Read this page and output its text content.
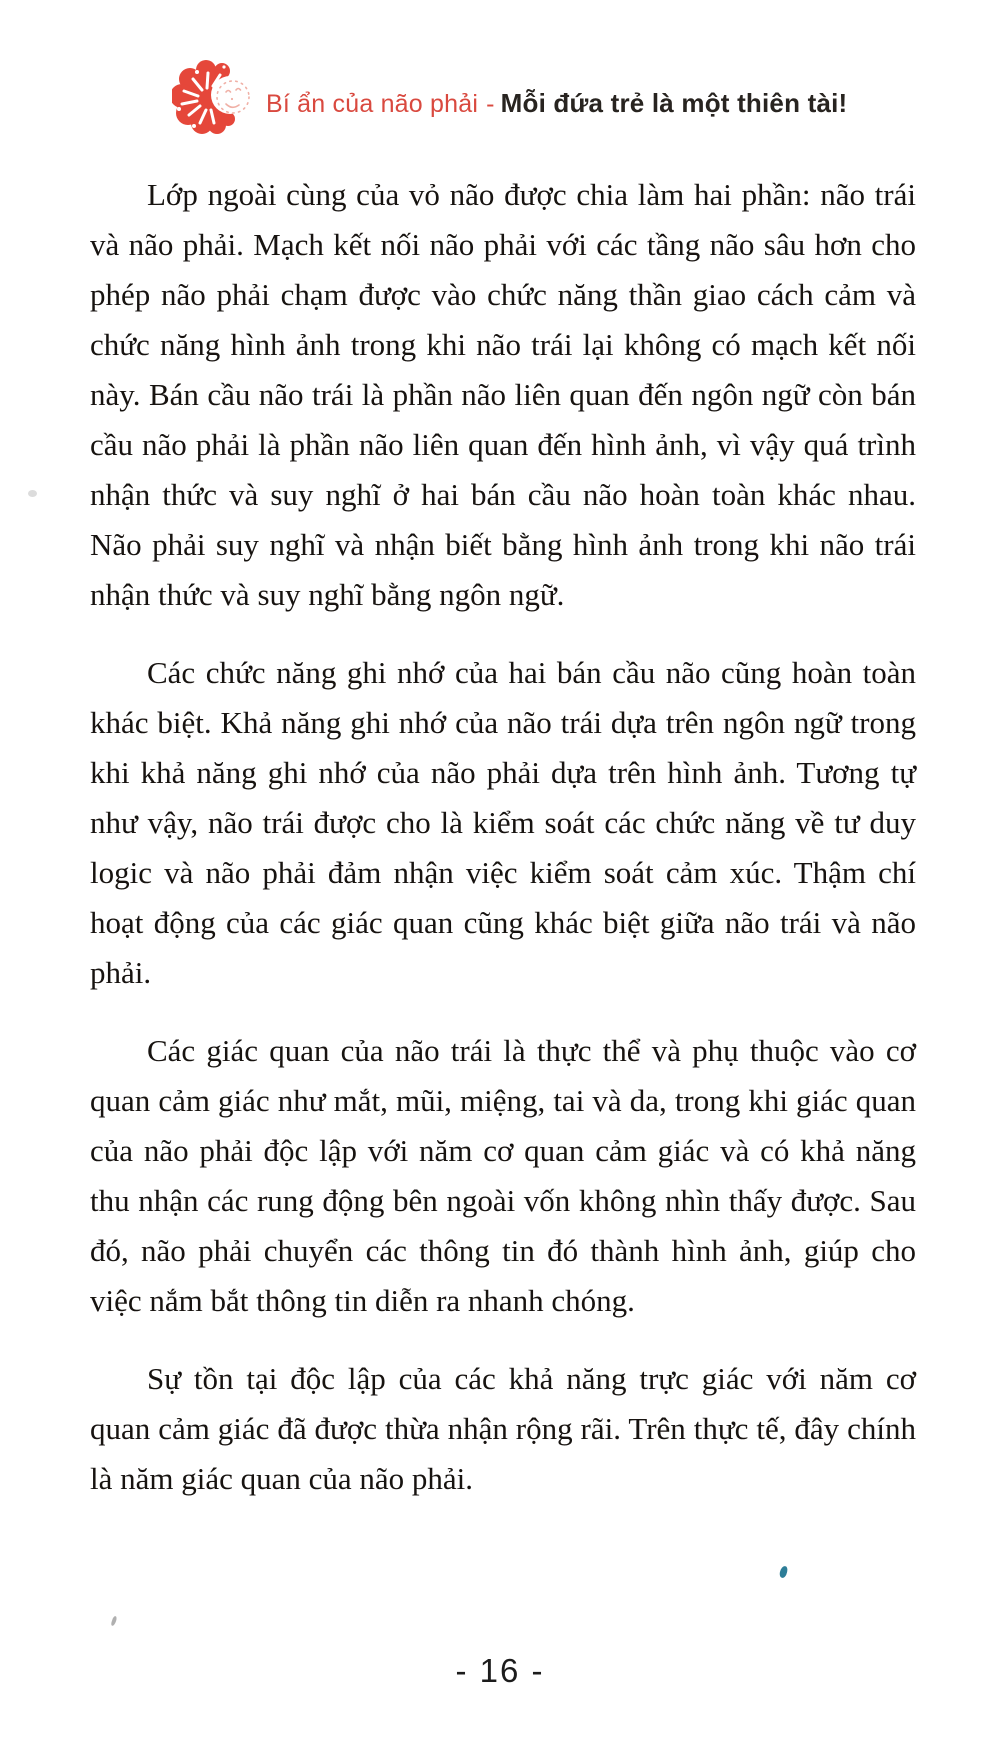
Bí ẩn của não phải - Mỗi đứa trẻ là một thiên tài!

Lớp ngoài cùng của vỏ não được chia làm hai phần: não trái và não phải. Mạch kết nối não phải với các tầng não sâu hơn cho phép não phải chạm được vào chức năng thần giao cách cảm và chức năng hình ảnh trong khi não trái lại không có mạch kết nối này. Bán cầu não trái là phần não liên quan đến ngôn ngữ còn bán cầu não phải là phần não liên quan đến hình ảnh, vì vậy quá trình nhận thức và suy nghĩ ở hai bán cầu não hoàn toàn khác nhau. Não phải suy nghĩ và nhận biết bằng hình ảnh trong khi não trái nhận thức và suy nghĩ bằng ngôn ngữ.

Các chức năng ghi nhớ của hai bán cầu não cũng hoàn toàn khác biệt. Khả năng ghi nhớ của não trái dựa trên ngôn ngữ trong khi khả năng ghi nhớ của não phải dựa trên hình ảnh. Tương tự như vậy, não trái được cho là kiểm soát các chức năng về tư duy logic và não phải đảm nhận việc kiểm soát cảm xúc. Thậm chí hoạt động của các giác quan cũng khác biệt giữa não trái và não phải.

Các giác quan của não trái là thực thể và phụ thuộc vào cơ quan cảm giác như mắt, mũi, miệng, tai và da, trong khi giác quan của não phải độc lập với năm cơ quan cảm giác và có khả năng thu nhận các rung động bên ngoài vốn không nhìn thấy được. Sau đó, não phải chuyển các thông tin đó thành hình ảnh, giúp cho việc nắm bắt thông tin diễn ra nhanh chóng.

Sự tồn tại độc lập của các khả năng trực giác với năm cơ quan cảm giác đã được thừa nhận rộng rãi. Trên thực tế, đây chính là năm giác quan của não phải.

- 16 -
